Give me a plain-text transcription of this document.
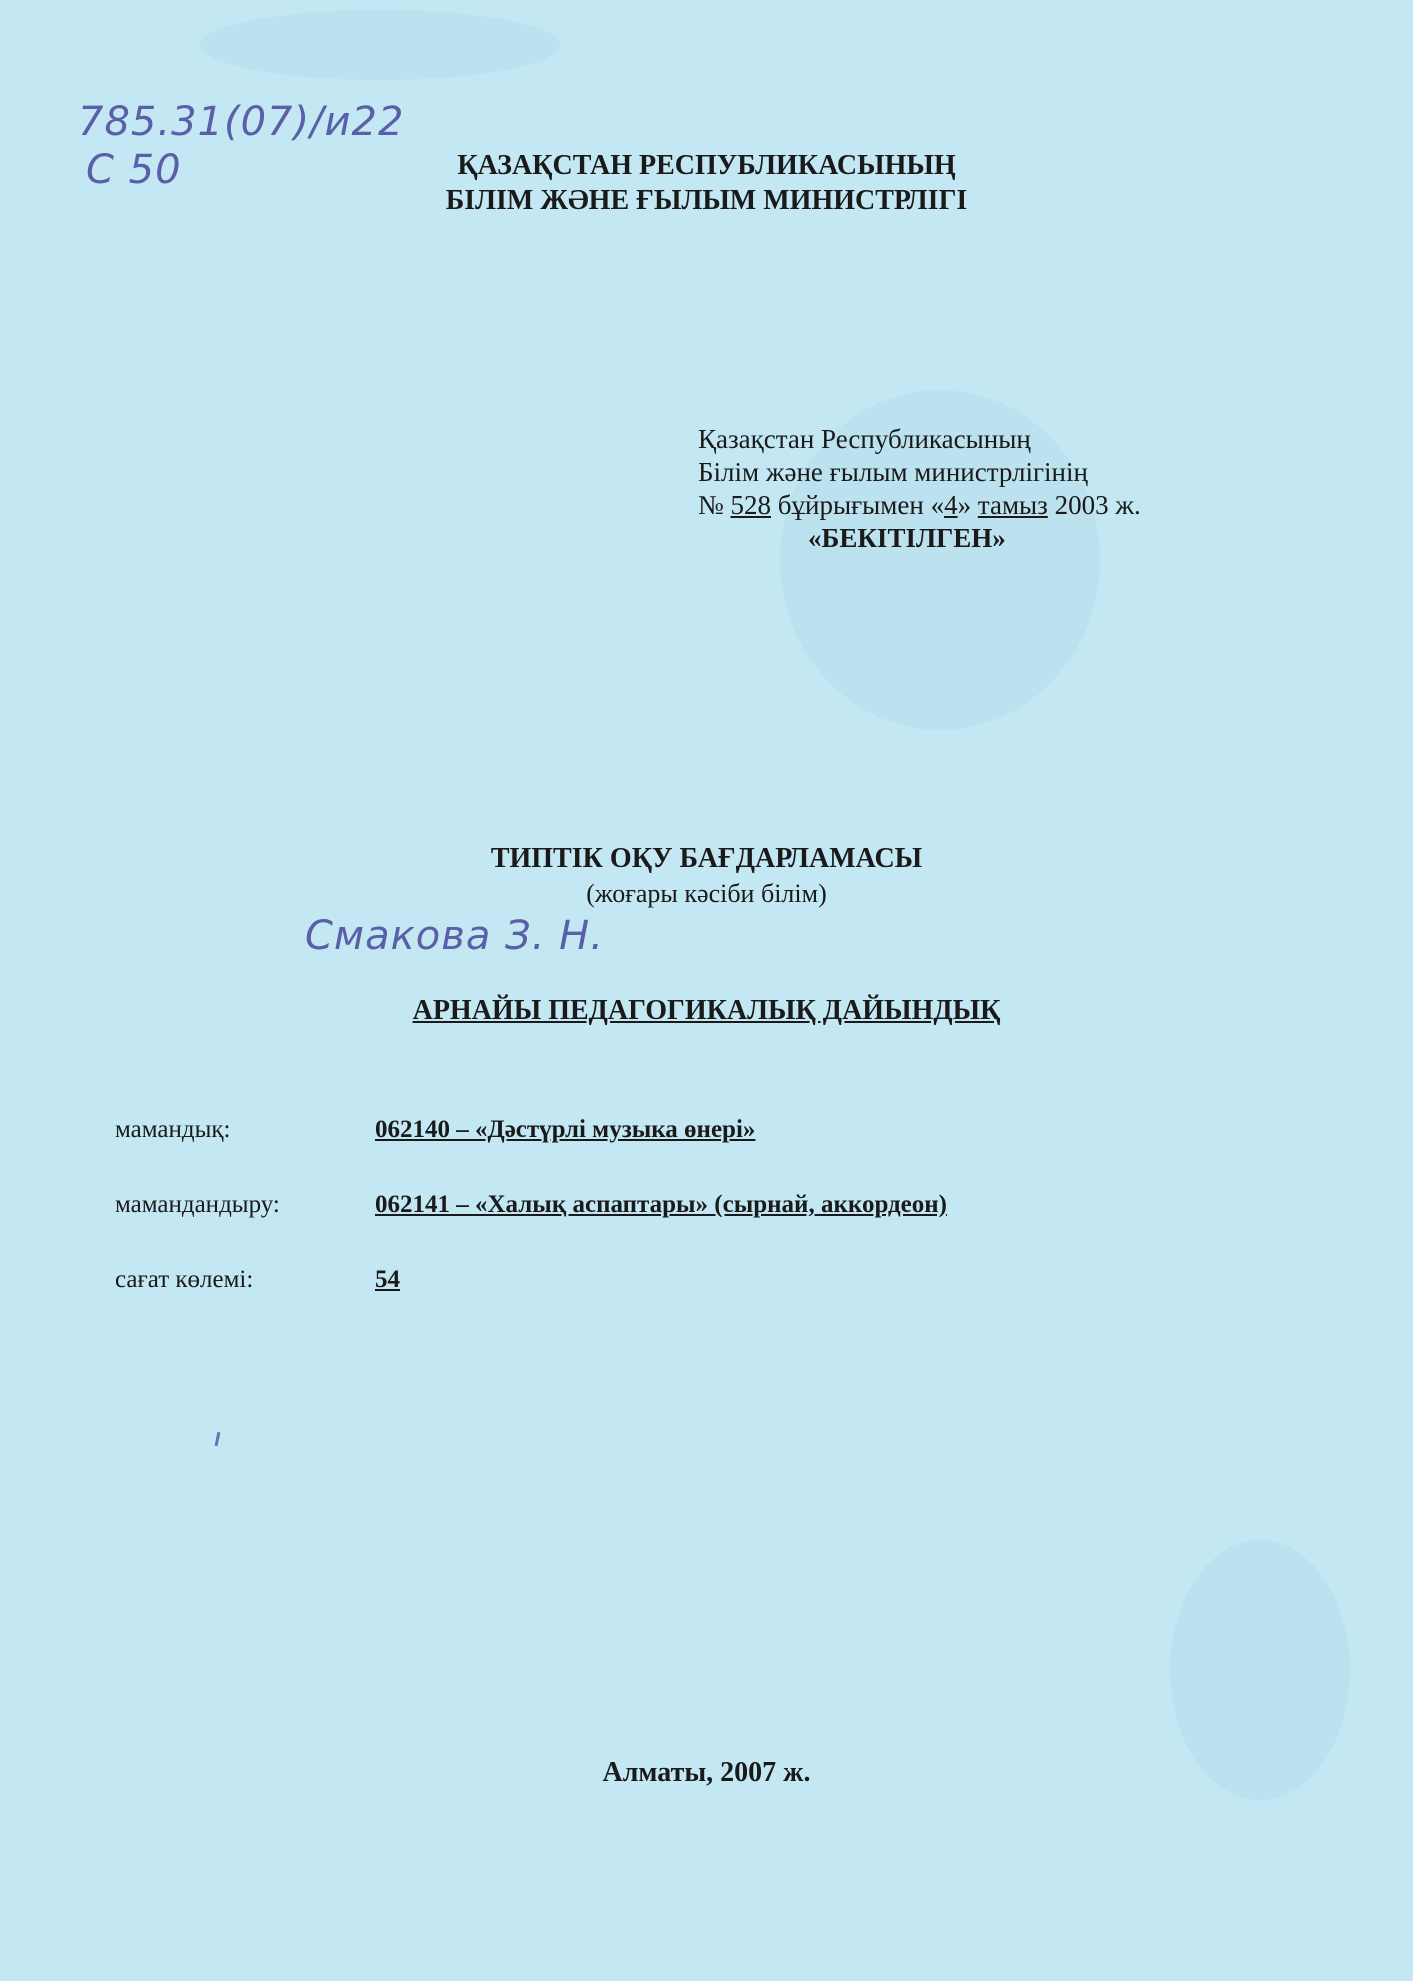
785.31(07)/и22
С 50	ҚАЗАҚСТАН РЕСПУБЛИКАСЫНЫҢ
БІЛІМ ЖӘНЕ ҒЫЛЫМ МИНИСТРЛІГІ
Қазақстан Республикасының
Білім және ғылым министрлігінің
№ 528 бұйрығымен «4» тамыз 2003 ж.
«БЕКІТІЛГЕН»
ТИПТІК ОҚУ БАҒДАРЛАМАСЫ
(жоғары кәсіби білім)
Смакова З. Н.
АРНАЙЫ ПЕДАГОГИКАЛЫҚ ДАЙЫНДЫҚ
мамандық:	062140 – «Дәстүрлі музыка өнері»
мамандандыру:	062141 – «Халық аспаптары» (сырнай, аккордеон)
сағат көлемі:	54
Алматы, 2007 ж.
